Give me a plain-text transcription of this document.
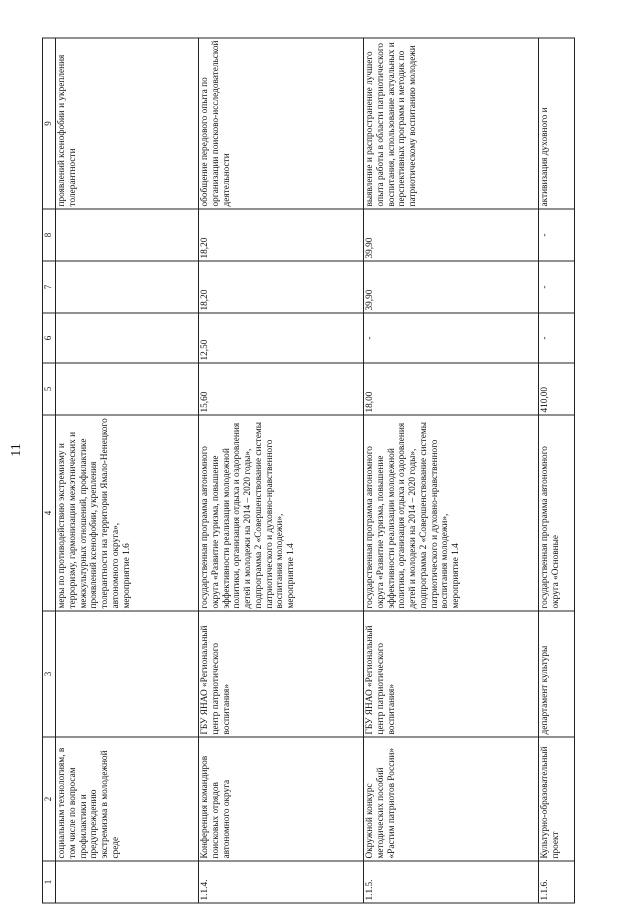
11
1	2	3	4	5	6	7	8	9
	социальным технологиям, в том числе по вопросам профилактики и предупреждению экстремизма в молодежной среде		меры по противодействию экстремизму и терроризму, гармонизации межэтнических и межкультурных отношений, профилактике проявлений ксенофобии, укрепления толерантности на территории Ямало-Ненецкого автономного округа»,
мероприятие 1.6					проявлений ксенофобии и укрепления толерантности
1.1.4.	Конференция командиров поисковых отрядов автономного округа	ГБУ ЯНАО «Региональный центр патриотического воспитания»	государственная программа автономного округа «Развитие туризма, повышение эффективности реализации молодежной политики, организация отдыха и оздоровления детей и молодежи на 2014 – 2020 годы»,
подпрограмма 2 «Совершенствование системы патриотического и духовно-нравственного воспитания молодежи»,
мероприятие 1.4	15,60	12,50	18,20	18,20	обобщение передового опыта по организации поисково-исследовательской деятельности
1.1.5.	Окружной конкурс методических пособий «Растим патриотов России»	ГБУ ЯНАО «Региональный центр патриотического воспитания»	государственная программа автономного округа «Развитие туризма, повышение эффективности реализации молодежной политики, организация отдыха и оздоровления детей и молодежи на 2014 – 2020 годы»,
подпрограмма 2 «Совершенствование системы патриотического и духовно-нравственного воспитания молодежи»,
мероприятие 1.4	18,00	-	39,90	39,90	выявление и распространение лучшего опыта работы в области патриотического воспитания, использование актуальных и перспективных программ и методик по патриотическому воспитанию молодежи
1.1.6.	Культурно-образовательный проект	департамент культуры	государственная программа автономного округа «Основные	410,00	-	-	-	активизация духовного и
